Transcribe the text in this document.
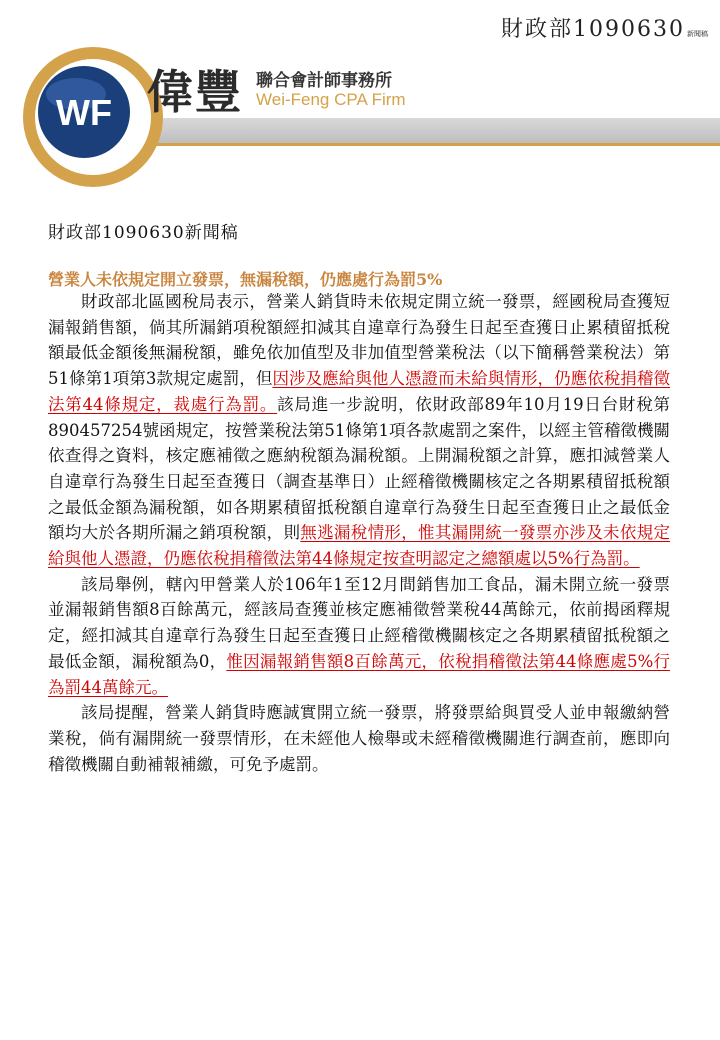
財政部1090630 新聞稿
WF 偉豐 聯合會計師事務所
Wei-Feng CPA Firm
財政部1090630新聞稿
營業人未依規定開立發票，無漏稅額，仍應處行為罰5%

財政部北區國稅局表示，營業人銷貨時未依規定開立統一發票，經國稅局查獲短漏報銷售額，倘其所漏銷項稅額經扣減其自違章行為發生日起至查獲日止累積留抵稅額最低金額後無漏稅額，雖免依加值型及非加值型營業稅法（以下簡稱營業稅法）第51條第1項第3款規定處罰，但因涉及應給與他人憑證而未給與情形，仍應依稅捐稽徵法第44條規定，裁處行為罰。該局進一步說明，依財政部89年10月19日台財稅第890457254號函規定，按營業稅法第51條第1項各款處罰之案件，以經主管稽徵機關依查得之資料，核定應補徵之應納稅額為漏稅額。上開漏稅額之計算，應扣減營業人自違章行為發生日起至查獲日（調查基準日）止經稽徵機關核定之各期累積留抵稅額之最低金額為漏稅額，如各期累積留抵稅額自違章行為發生日起至查獲日止之最低金額均大於各期所漏之銷項稅額，則無逃漏稅情形，惟其漏開統一發票亦涉及未依規定給與他人憑證，仍應依稅捐稽徵法第44條規定按查明認定之總額處以5%行為罰。

該局舉例，轄內甲營業人於106年1至12月間銷售加工食品，漏未開立統一發票並漏報銷售額8百餘萬元，經該局查獲並核定應補徵營業稅44萬餘元，依前揭函釋規定，經扣減其自違章行為發生日起至查獲日止經稽徵機關核定之各期累積留抵稅額之最低金額，漏稅額為0，惟因漏報銷售額8百餘萬元，依稅捐稽徵法第44條應處5%行為罰44萬餘元。

該局提醒，營業人銷貨時應誠實開立統一發票，將發票給與買受人並申報繳納營業稅，倘有漏開統一發票情形，在未經他人檢舉或未經稽徵機關進行調查前，應即向稽徵機關自動補報補繳，可免予處罰。
